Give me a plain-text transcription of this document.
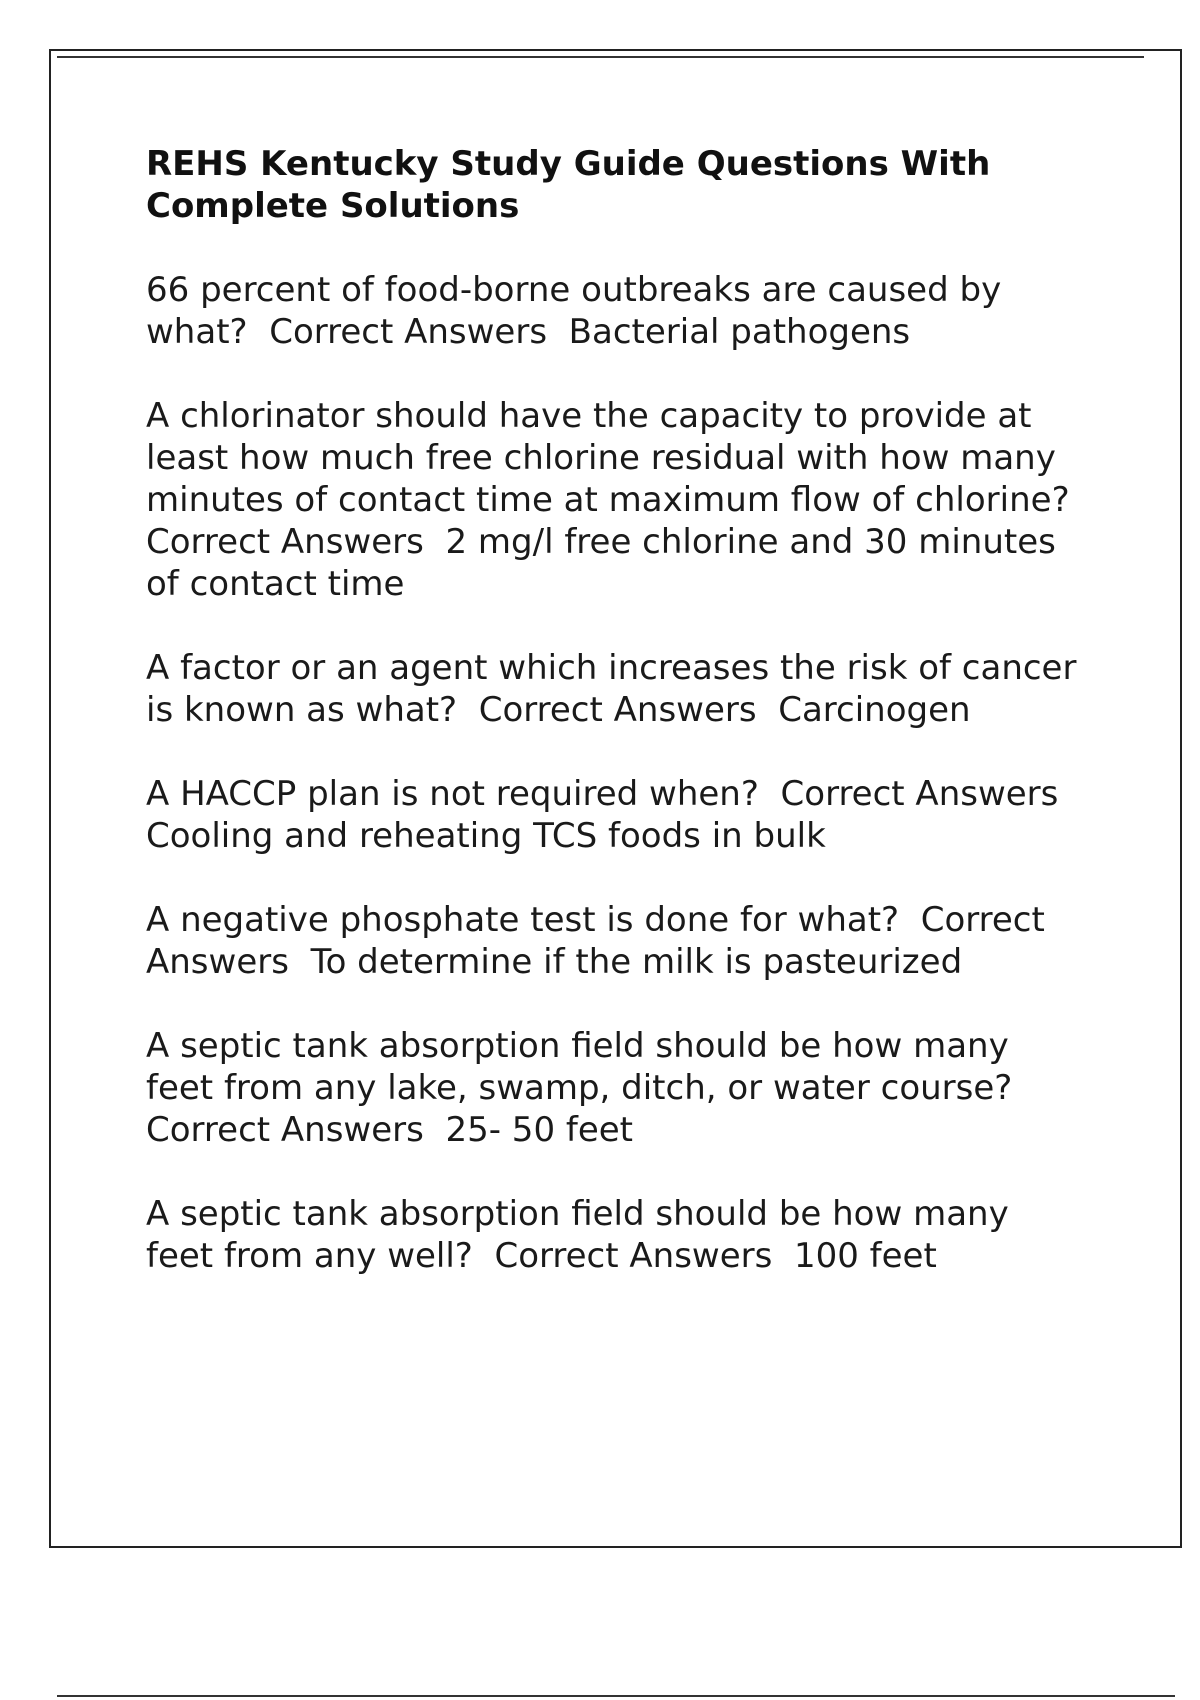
REHS Kentucky Study Guide Questions With Complete Solutions

66 percent of food-borne outbreaks are caused by what? Correct Answers Bacterial pathogens

A chlorinator should have the capacity to provide at least how much free chlorine residual with how many minutes of contact time at maximum flow of chlorine?  Correct Answers 2 mg/l free chlorine and 30 minutes of contact time

A factor or an agent which increases the risk of cancer is known as what? Correct Answers Carcinogen

A HACCP plan is not required when? Correct Answers  Cooling and reheating TCS foods in bulk

A negative phosphate test is done for what? Correct Answers To determine if the milk is pasteurized

A septic tank absorption field should be how many feet from any lake, swamp, ditch, or water course?  Correct Answers 25- 50 feet

A septic tank absorption field should be how many feet from any well? Correct Answers 100 feet
